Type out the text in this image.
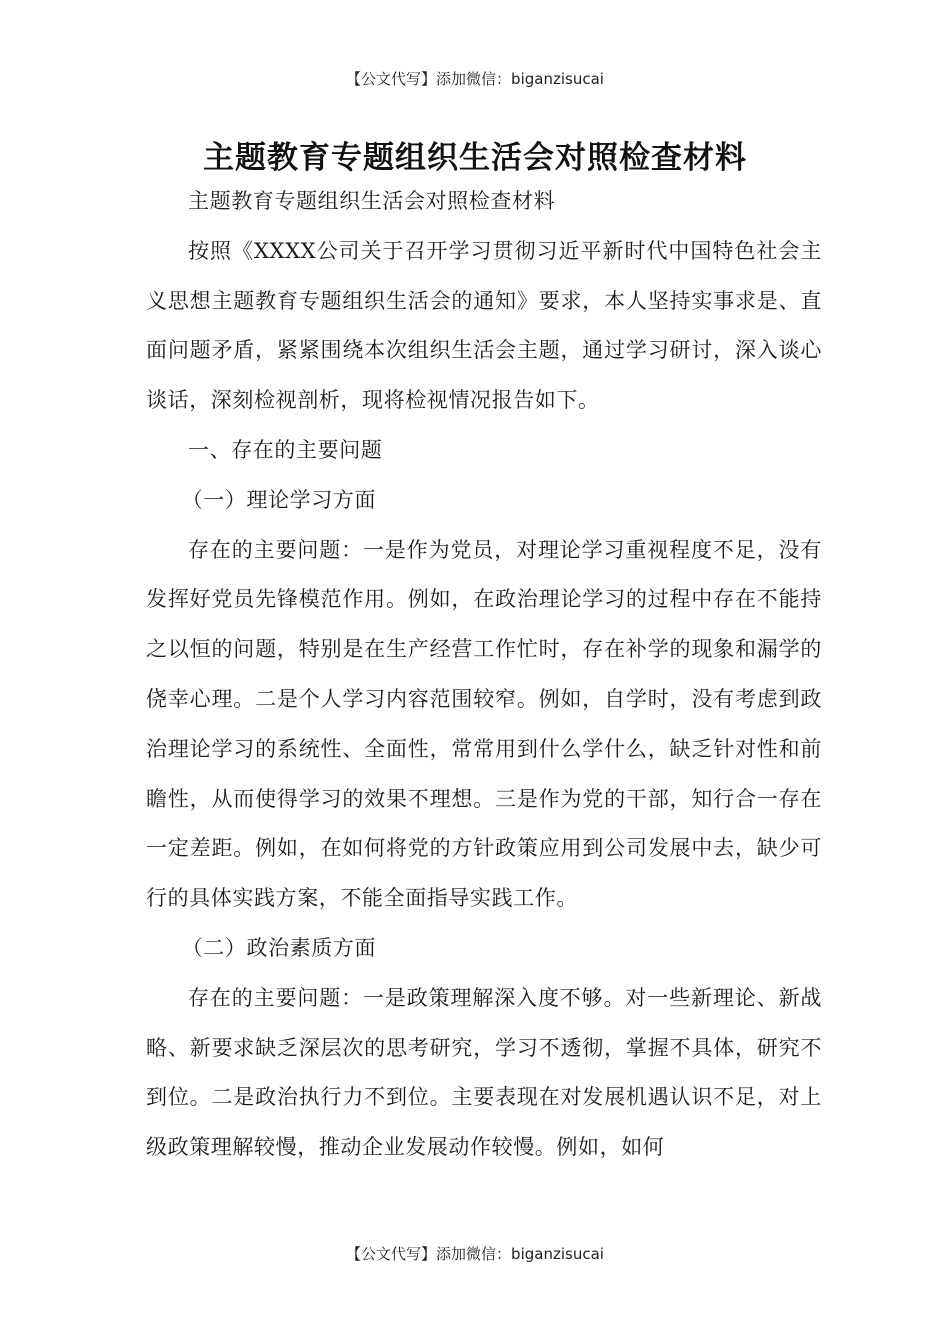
【公文代写】添加微信：biganzisucai
主题教育专题组织生活会对照检查材料

主题教育专题组织生活会对照检查材料

按照《XXXX公司关于召开学习贯彻习近平新时代中国特色社会主义思想主题教育专题组织生活会的通知》要求，本人坚持实事求是、直面问题矛盾，紧紧围绕本次组织生活会主题，通过学习研讨，深入谈心谈话，深刻检视剖析，现将检视情况报告如下。

一、存在的主要问题

（一）理论学习方面

存在的主要问题：一是作为党员，对理论学习重视程度不足，没有发挥好党员先锋模范作用。例如，在政治理论学习的过程中存在不能持之以恒的问题，特别是在生产经营工作忙时，存在补学的现象和漏学的侥幸心理。二是个人学习内容范围较窄。例如，自学时，没有考虑到政治理论学习的系统性、全面性，常常用到什么学什么，缺乏针对性和前瞻性，从而使得学习的效果不理想。三是作为党的干部，知行合一存在一定差距。例如，在如何将党的方针政策应用到公司发展中去，缺少可行的具体实践方案，不能全面指导实践工作。

（二）政治素质方面

存在的主要问题：一是政策理解深入度不够。对一些新理论、新战略、新要求缺乏深层次的思考研究，学习不透彻，掌握不具体，研究不到位。二是政治执行力不到位。主要表现在对发展机遇认识不足，对上级政策理解较慢，推动企业发展动作较慢。例如，如何

【公文代写】添加微信：biganzisucai
